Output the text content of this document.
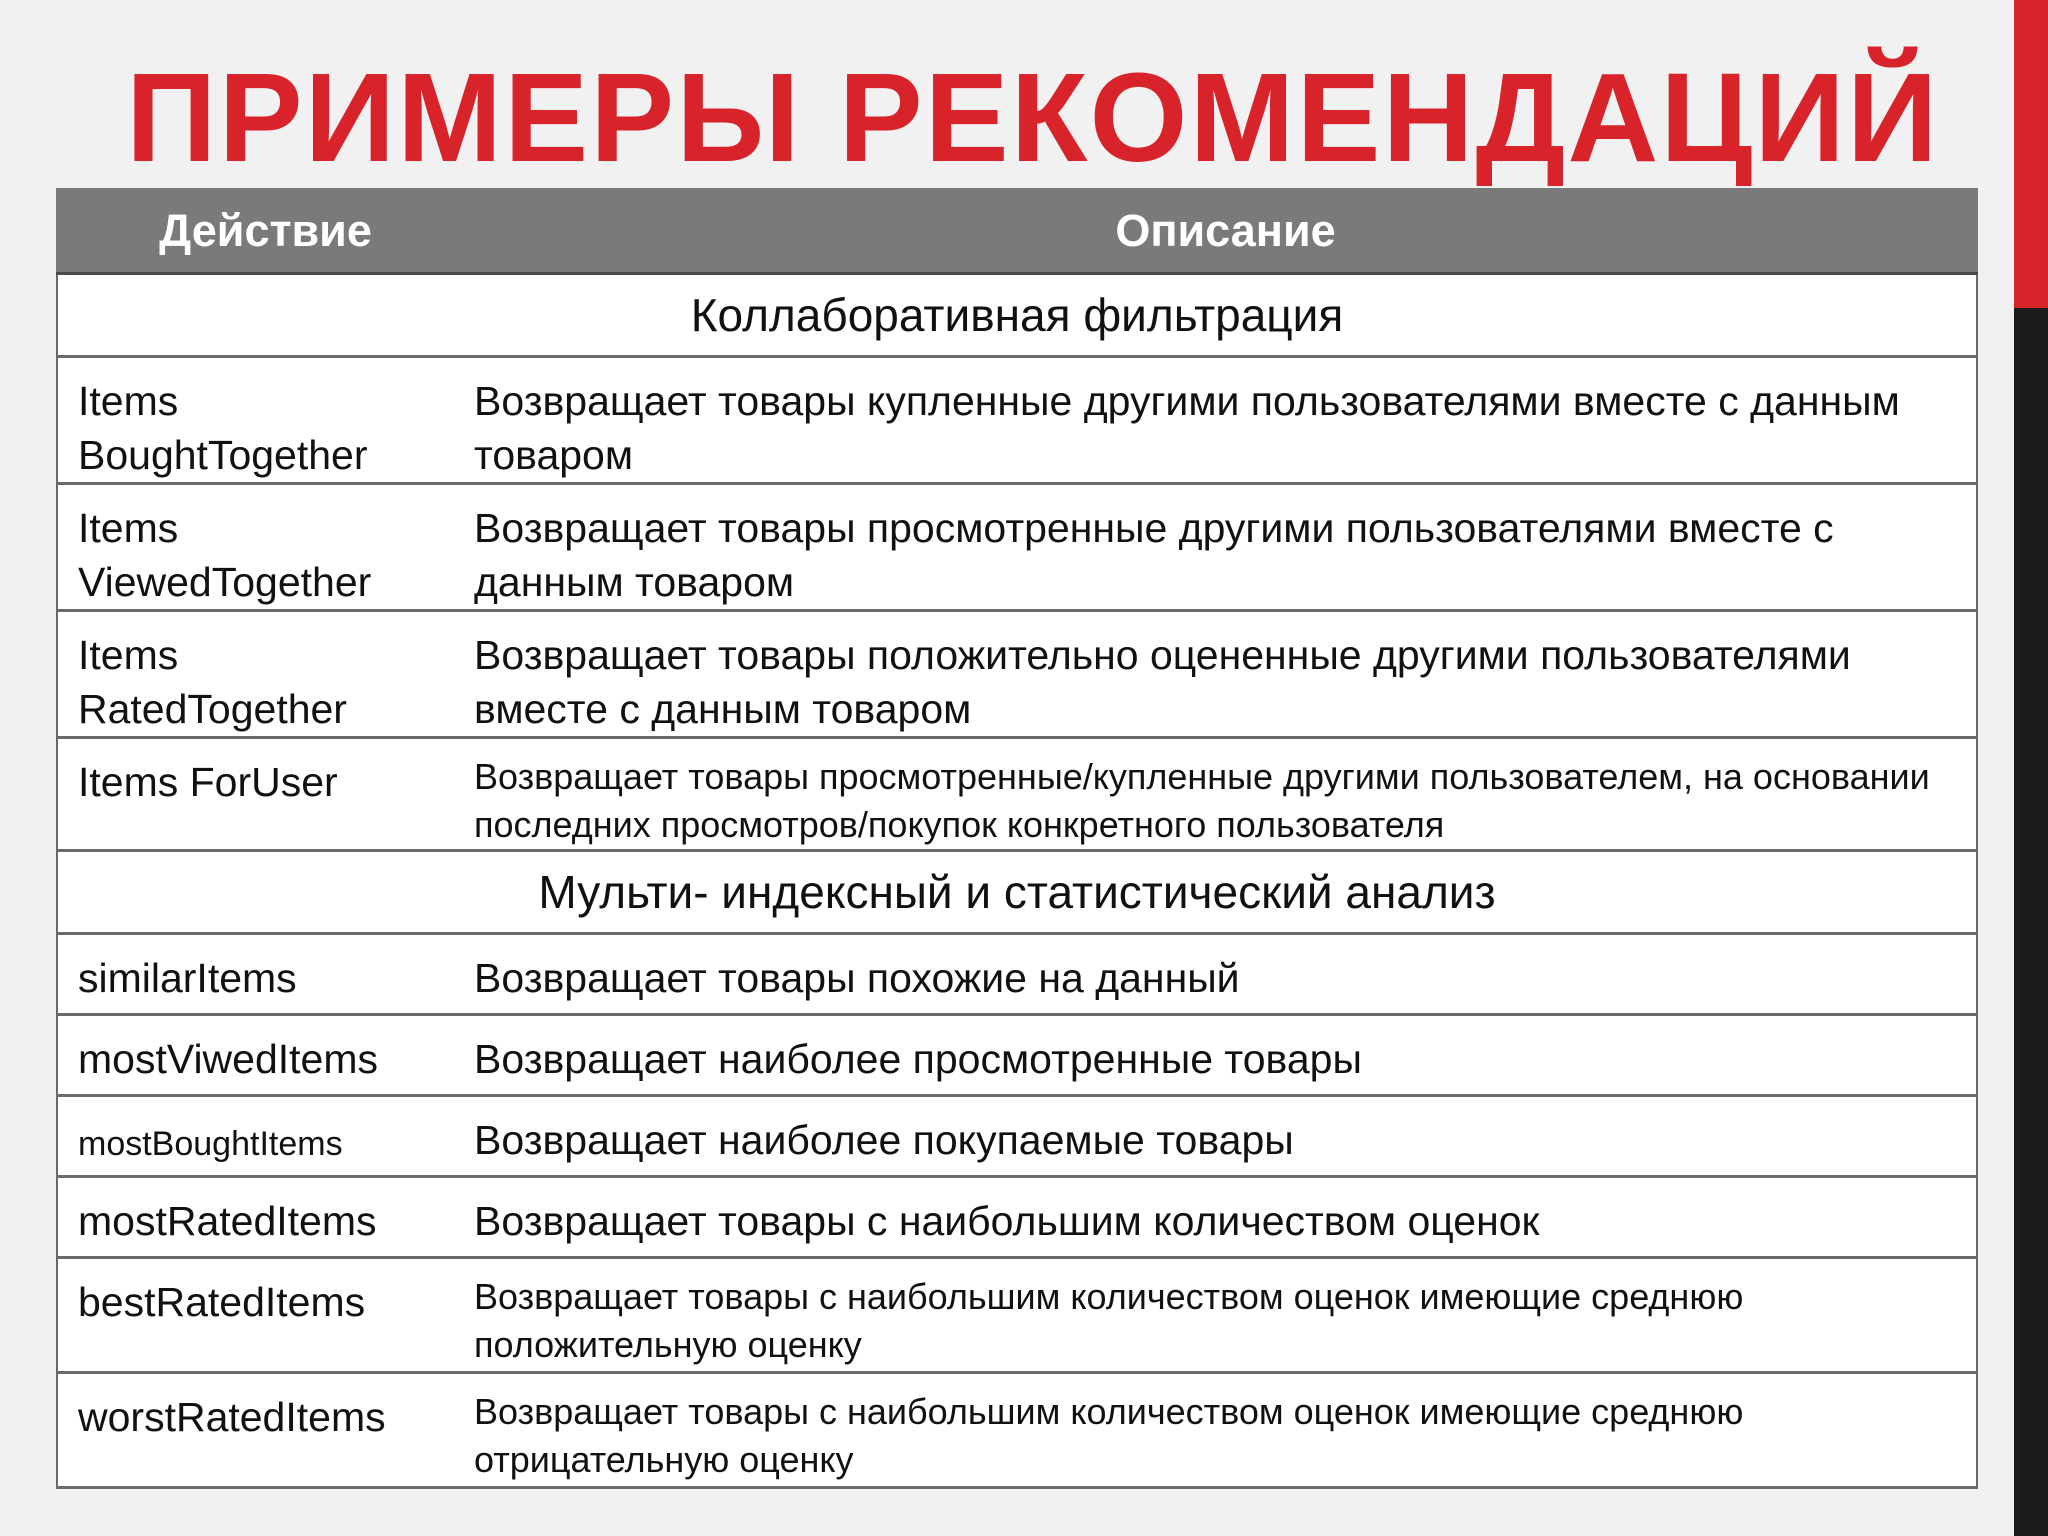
ПРИМЕРЫ РЕКОМЕНДАЦИЙ
Действие	Описание
Коллаборативная фильтрация	
Items BoughtTogether	Возвращает товары купленные другими пользователями вместе с данным товаром
Items ViewedTogether	Возвращает товары просмотренные другими пользователями вместе с данным товаром
Items RatedTogether	Возвращает товары положительно оцененные другими пользователями вместе с данным товаром
Items ForUser	Возвращает товары просмотренные/купленные другими пользователем, на основании последних просмотров/покупок конкретного пользователя
Мульти- индексный и статистический анализ	
similarItems	Возвращает товары похожие на данный
mostViwedItems	Возвращает наиболее просмотренные товары
mostBoughtItems	Возвращает наиболее покупаемые товары
mostRatedItems	Возвращает товары с наибольшим количеством оценок
bestRatedItems	Возвращает товары с наибольшим количеством оценок имеющие среднюю положительную оценку
worstRatedItems	Возвращает товары с наибольшим количеством оценок имеющие среднюю отрицательную оценку
